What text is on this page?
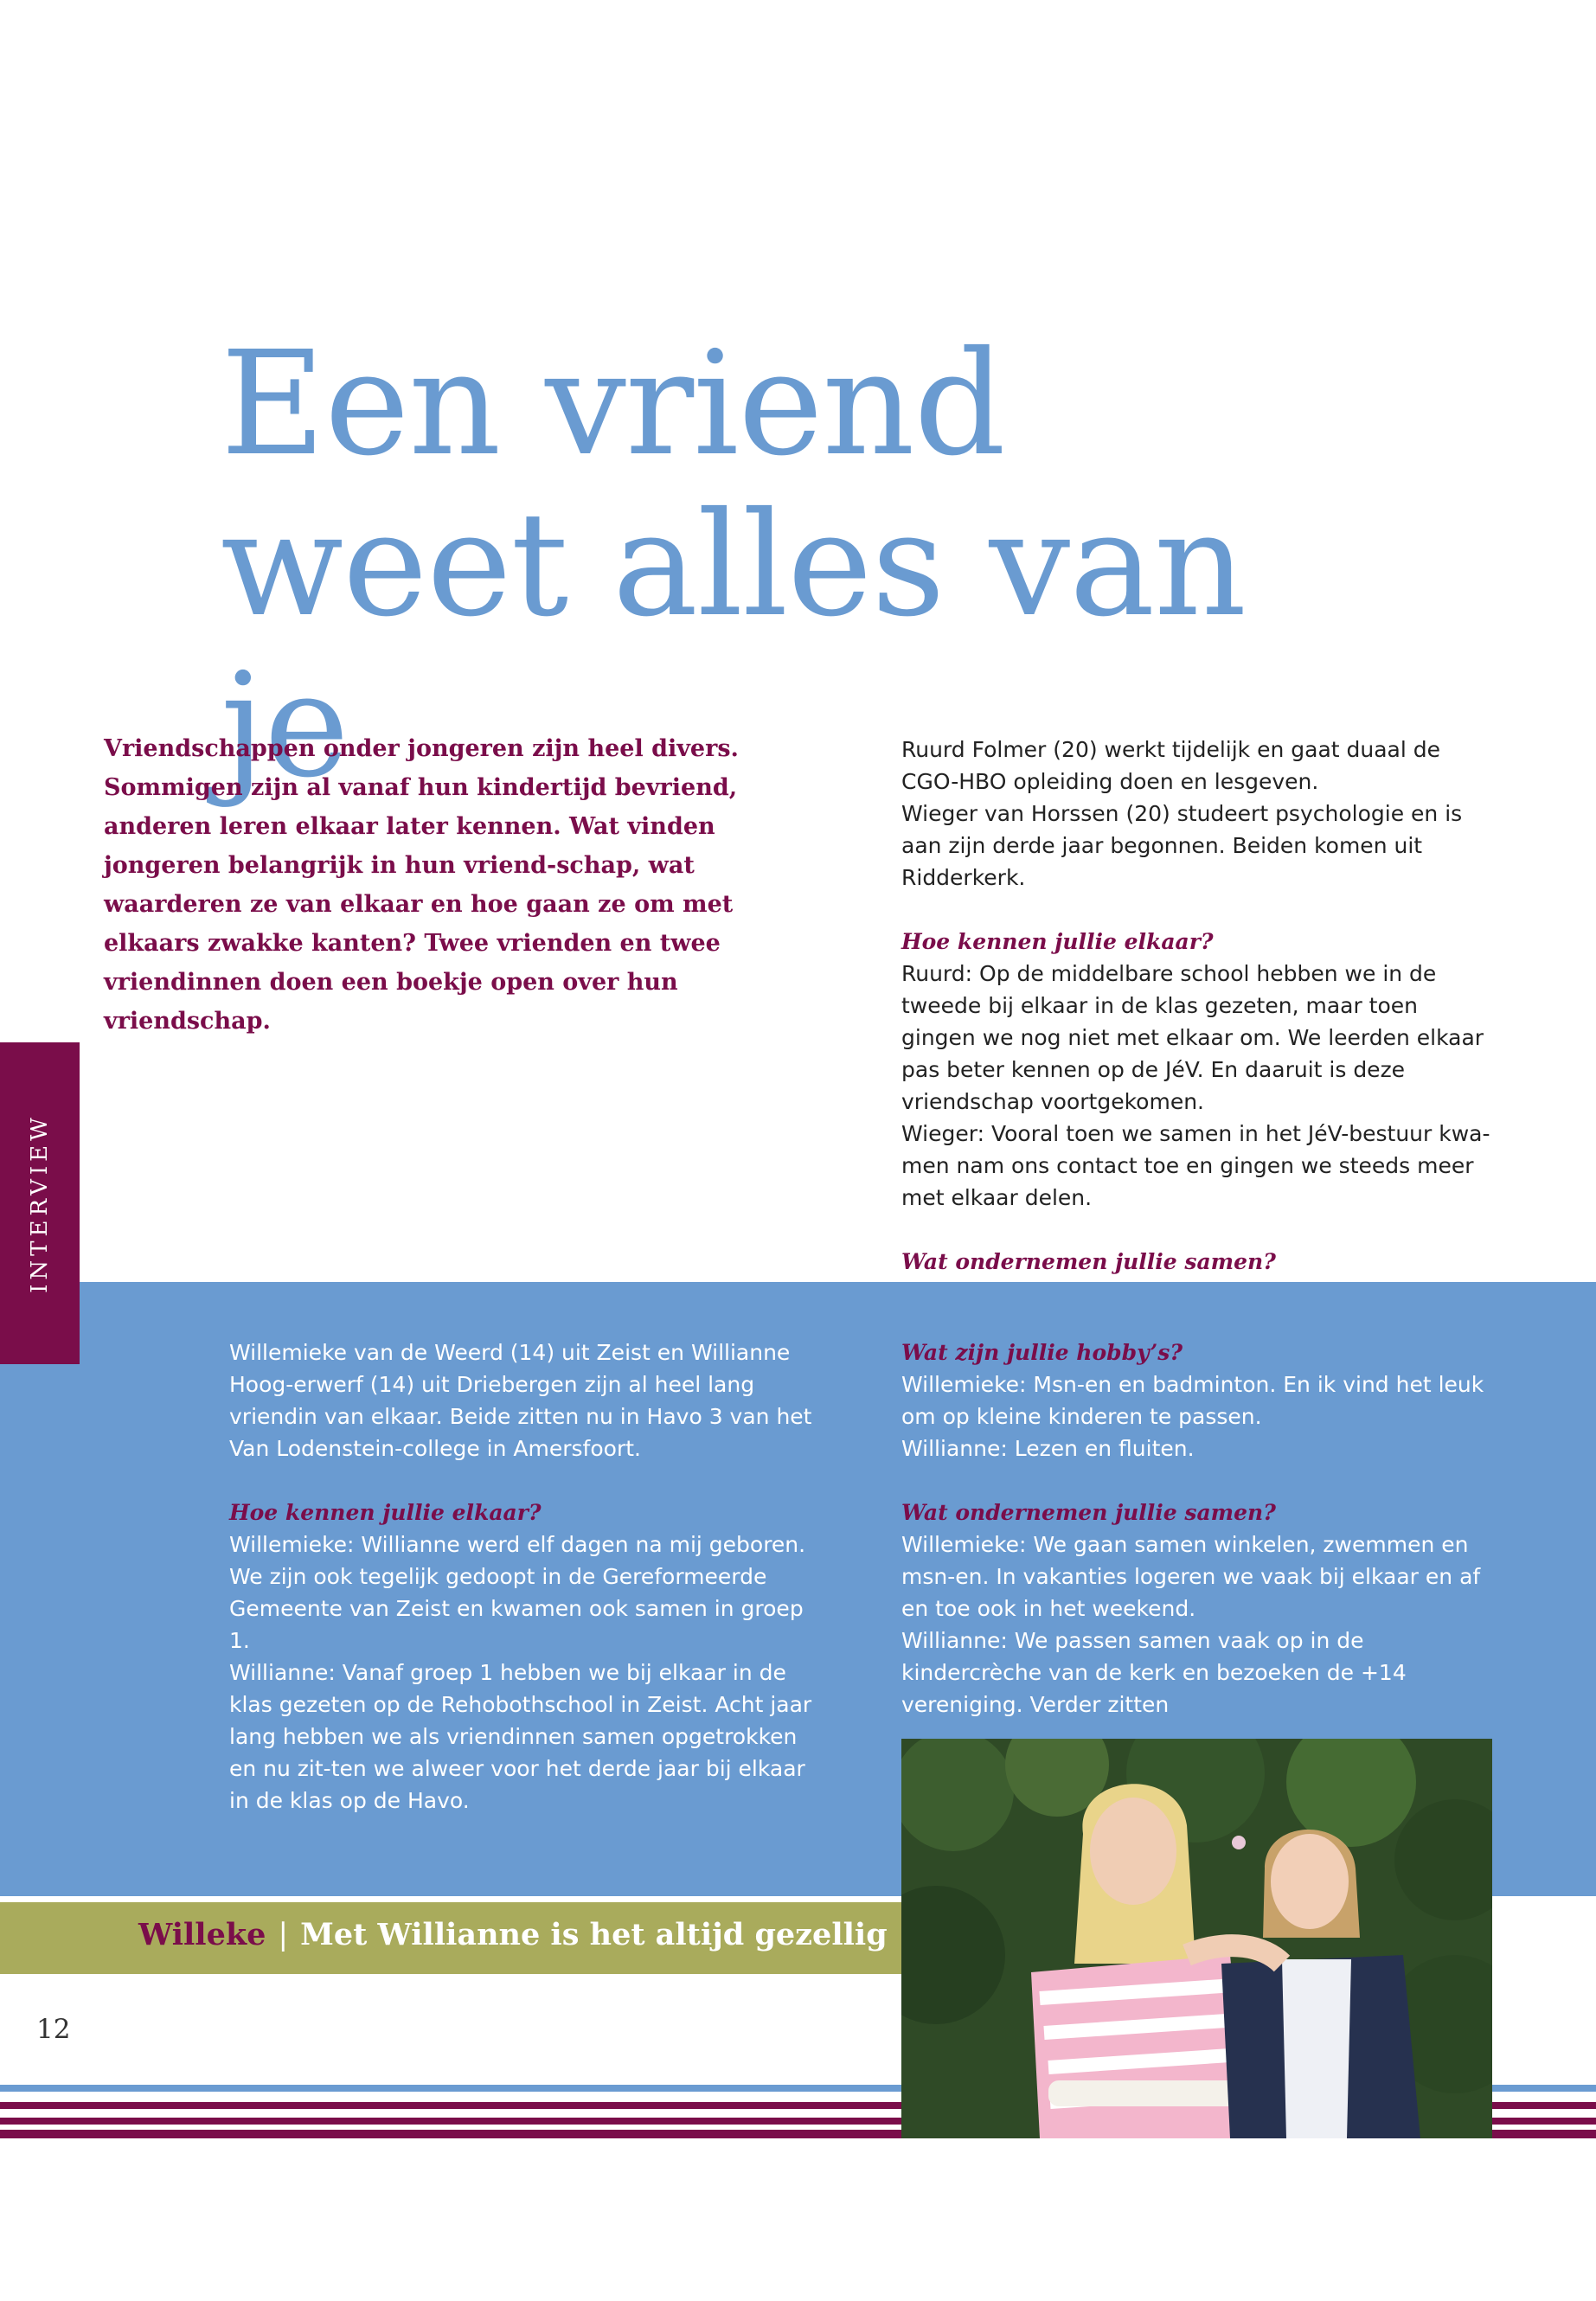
Een vriend
weet alles van je

Vriendschappen onder jongeren zijn heel divers. Sommigen zijn al vanaf hun kindertijd bevriend, anderen leren elkaar later kennen. Wat vinden jongeren belangrijk in hun vriend-schap, wat waarderen ze van elkaar en hoe gaan ze om met elkaars zwakke kanten? Twee vrienden en twee vriendinnen doen een boekje open over hun vriendschap.

Ruurd Folmer (20) werkt tijdelijk en gaat duaal de CGO-HBO opleiding doen en lesgeven.

Wieger van Horssen (20) studeert psychologie en is aan zijn derde jaar begonnen. Beiden komen uit Ridderkerk.

Hoe kennen jullie elkaar?

Ruurd: Op de middelbare school hebben we in de tweede bij elkaar in de klas gezeten, maar toen gingen we nog niet met elkaar om. We leerden elkaar pas beter kennen op de JéV. En daaruit is deze vriendschap voortgekomen.

Wieger: Vooral toen we samen in het JéV-bestuur kwa-men nam ons contact toe en gingen we steeds meer met elkaar delen.

Wat ondernemen jullie samen?

INTERVIEW

Willemieke van de Weerd (14) uit Zeist en Willianne Hoog-erwerf (14) uit Driebergen zijn al heel lang vriendin van elkaar. Beide zitten nu in Havo 3 van het Van Lodenstein-college in Amersfoort.

Hoe kennen jullie elkaar?

Willemieke: Willianne werd elf dagen na mij geboren. We zijn ook tegelijk gedoopt in de Gereformeerde Gemeente van Zeist en kwamen ook samen in groep 1.

Willianne: Vanaf groep 1 hebben we bij elkaar in de klas gezeten op de Rehobothschool in Zeist. Acht jaar lang hebben we als vriendinnen samen opgetrokken en nu zit-ten we alweer voor het derde jaar bij elkaar in de klas op de Havo.

Wat zijn jullie hobby’s?

Willemieke: Msn-en en badminton. En ik vind het leuk om op kleine kinderen te passen.

Willianne: Lezen en fluiten.

Wat ondernemen jullie samen?

Willemieke: We gaan samen winkelen, zwemmen en msn-en. In vakanties logeren we vaak bij elkaar en af en toe ook in het weekend.

Willianne: We passen samen vaak op in de kindercrèche van de kerk en bezoeken de +14 vereniging. Verder zitten

Willeke | Met Willianne is het altijd gezellig
12
